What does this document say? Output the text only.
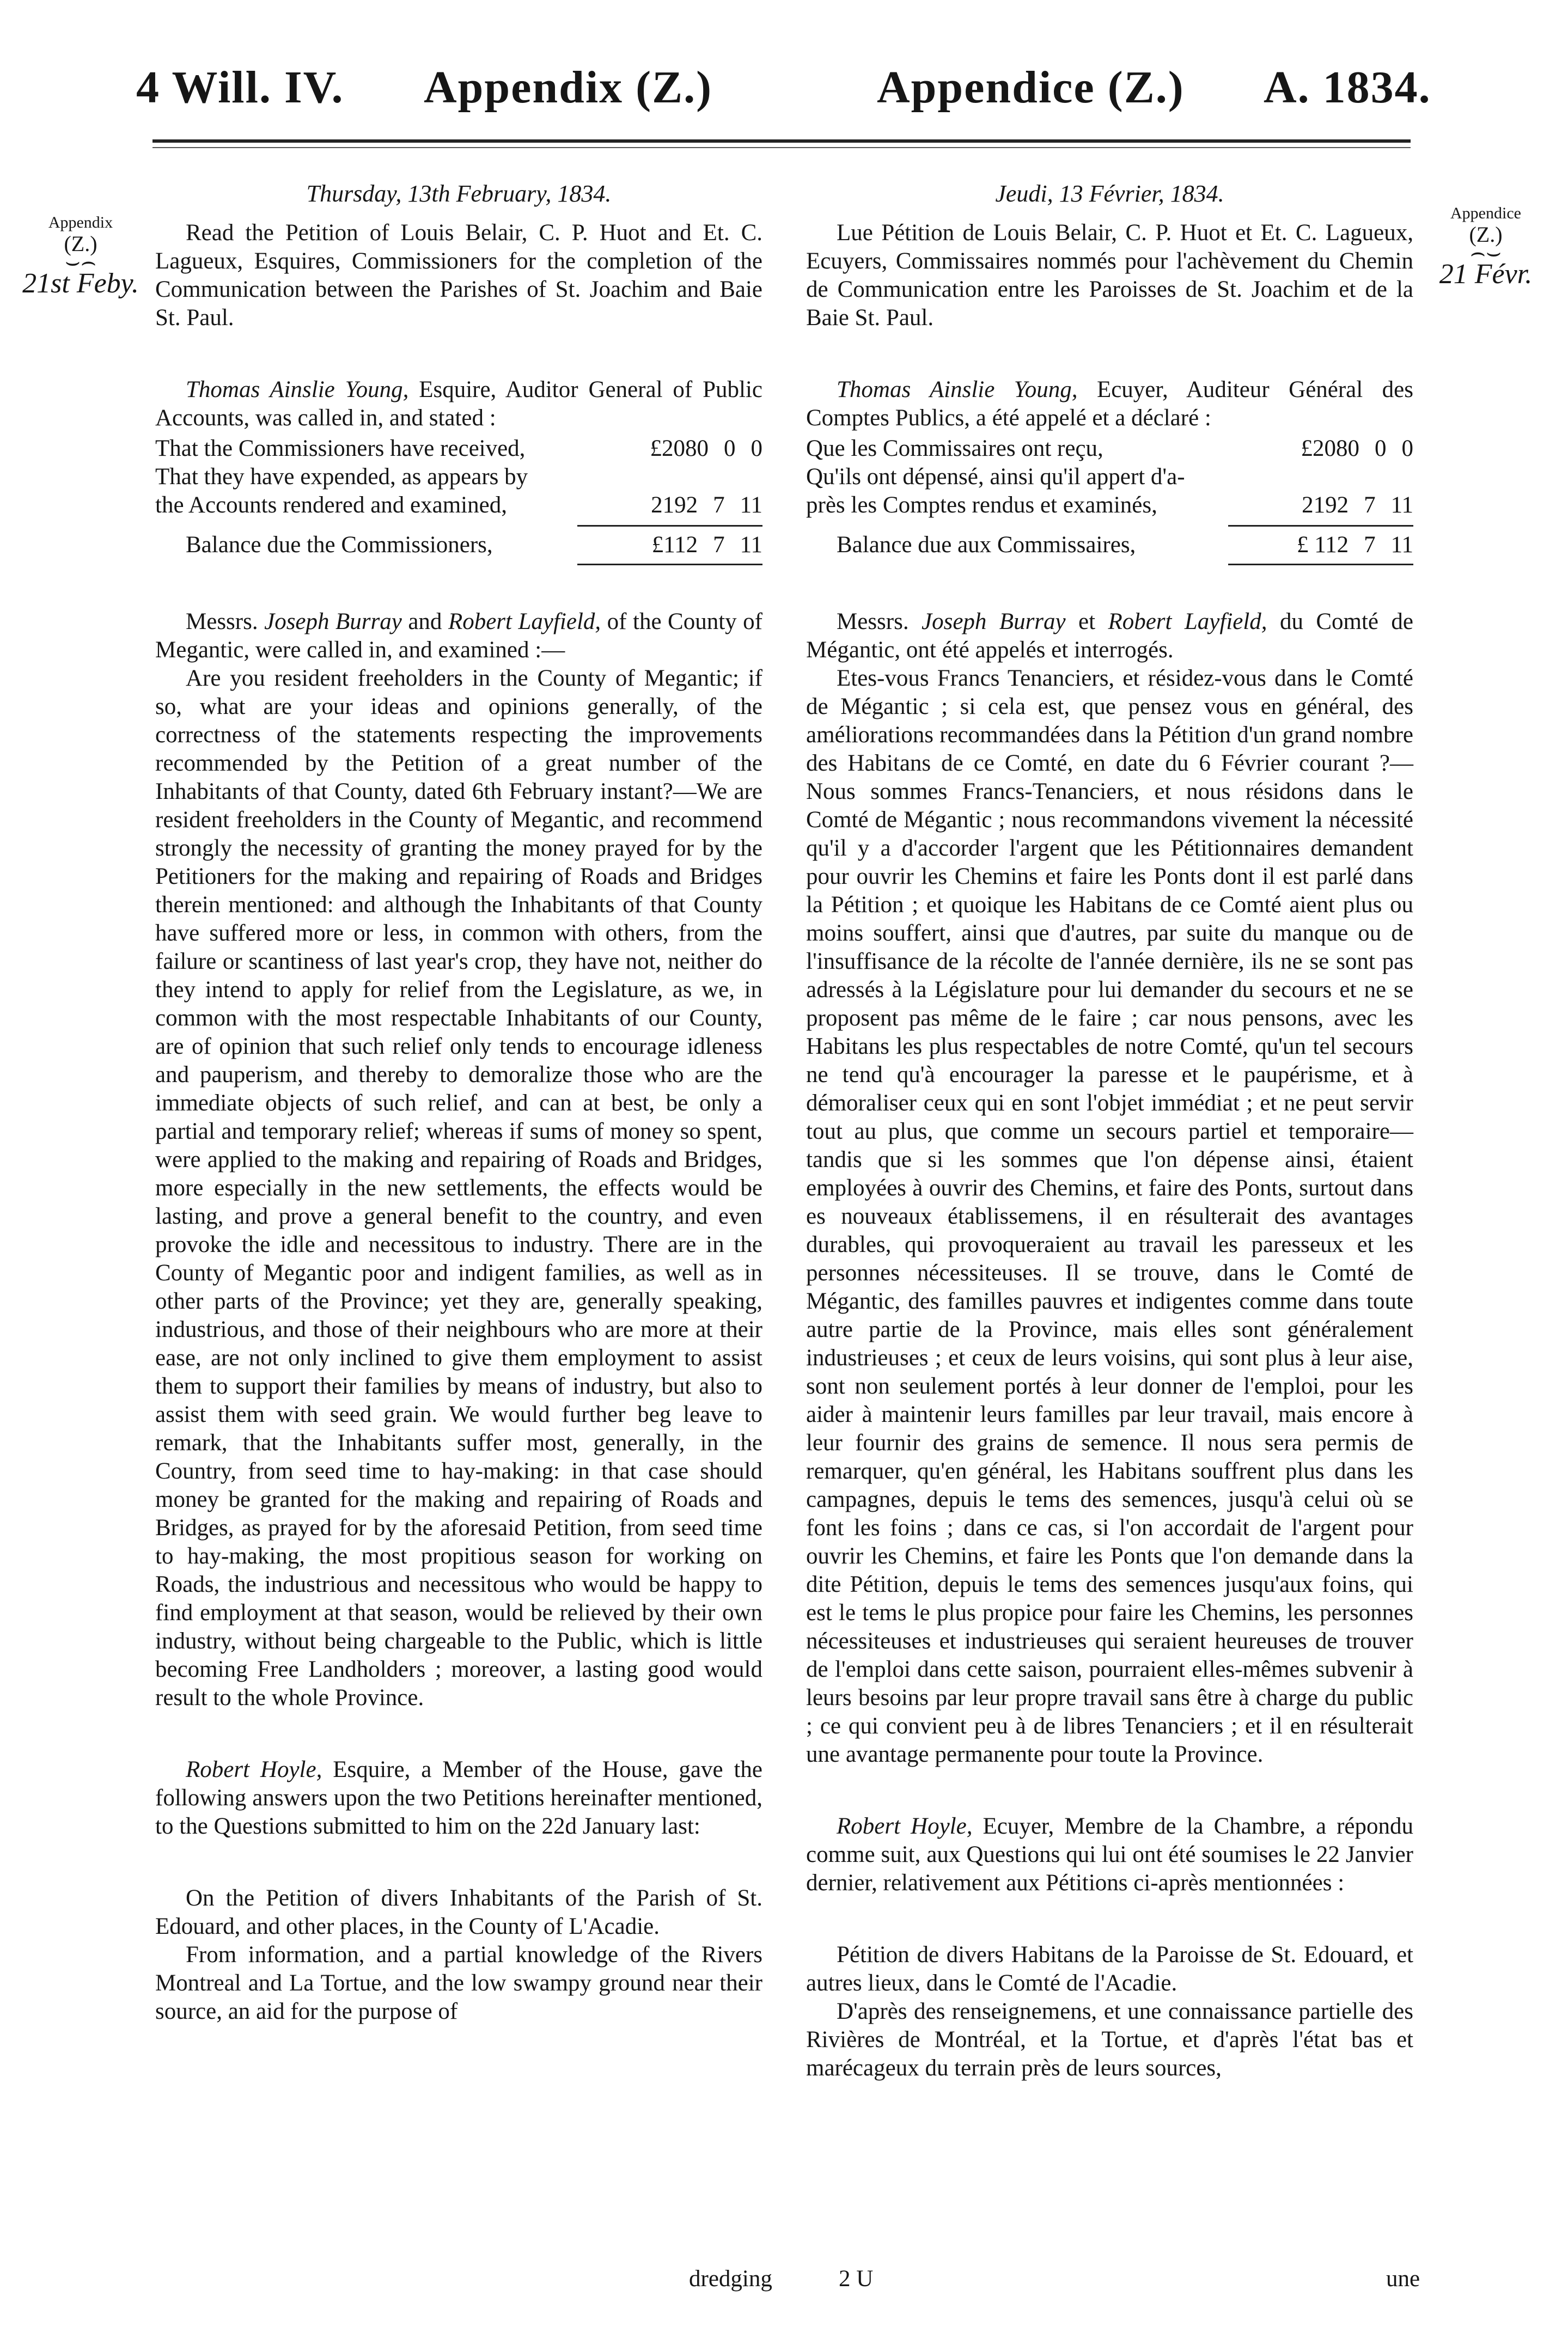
4 Will. IV. Appendix (Z.)	Appendice (Z.) A. 1834.
Appendix
(Z.)
⌣⌢
21st Feby.
Appendice
(Z.)
⌢⌣
21 Févr.
Thursday, 13th February, 1834.

Read the Petition of Louis Belair, C. P. Huot and Et. C. Lagueux, Esquires, Commissioners for the completion of the Communication between the Parishes of St. Joachim and Baie St. Paul.

Thomas Ainslie Young, Esquire, Auditor General of Public Accounts, was called in, and stated :

That the Commissioners have received,	£2080 0 0
That they have expended, as appears by
the Accounts rendered and examined,	2192 7 11
Balance due the Commissioners,	£112 7 11

Messrs. Joseph Burray and Robert Layfield, of the County of Megantic, were called in, and examined :—

Are you resident freeholders in the County of Megantic; if so, what are your ideas and opinions generally, of the correctness of the statements respecting the improvements recommended by the Petition of a great number of the Inhabitants of that County, dated 6th February instant?—We are resident freeholders in the County of Megantic, and recommend strongly the necessity of granting the money prayed for by the Petitioners for the making and repairing of Roads and Bridges therein mentioned: and although the Inhabitants of that County have suffered more or less, in common with others, from the failure or scantiness of last year's crop, they have not, neither do they intend to apply for relief from the Legislature, as we, in common with the most respectable Inhabitants of our County, are of opinion that such relief only tends to encourage idleness and pauperism, and thereby to demoralize those who are the immediate objects of such relief, and can at best, be only a partial and temporary relief; whereas if sums of money so spent, were applied to the making and repairing of Roads and Bridges, more especially in the new settlements, the effects would be lasting, and prove a general benefit to the country, and even provoke the idle and necessitous to industry. There are in the County of Megantic poor and indigent families, as well as in other parts of the Province; yet they are, generally speaking, industrious, and those of their neighbours who are more at their ease, are not only inclined to give them employment to assist them to support their families by means of industry, but also to assist them with seed grain. We would further beg leave to remark, that the Inhabitants suffer most, generally, in the Country, from seed time to hay-making: in that case should money be granted for the making and repairing of Roads and Bridges, as prayed for by the aforesaid Petition, from seed time to hay-making, the most propitious season for working on Roads, the industrious and necessitous who would be happy to find employment at that season, would be relieved by their own industry, without being chargeable to the Public, which is little becoming Free Landholders ; moreover, a lasting good would result to the whole Province.

Robert Hoyle, Esquire, a Member of the House, gave the following answers upon the two Petitions hereinafter mentioned, to the Questions submitted to him on the 22d January last:

On the Petition of divers Inhabitants of the Parish of St. Edouard, and other places, in the County of L'Acadie.

From information, and a partial knowledge of the Rivers Montreal and La Tortue, and the low swampy ground near their source, an aid for the purpose of

dredging
Jeudi, 13 Février, 1834.

Lue Pétition de Louis Belair, C. P. Huot et Et. C. Lagueux, Ecuyers, Commissaires nommés pour l'achèvement du Chemin de Communication entre les Paroisses de St. Joachim et de la Baie St. Paul.

Thomas Ainslie Young, Ecuyer, Auditeur Général des Comptes Publics, a été appelé et a déclaré :

Que les Commissaires ont reçu,	£2080 0 0
Qu'ils ont dépensé, ainsi qu'il appert d'a-
près les Comptes rendus et examinés,	2192 7 11
Balance due aux Commissaires,	£ 112 7 11

Messrs. Joseph Burray et Robert Layfield, du Comté de Mégantic, ont été appelés et interrogés.

Etes-vous Francs Tenanciers, et résidez-vous dans le Comté de Mégantic ; si cela est, que pensez vous en général, des améliorations recommandées dans la Pétition d'un grand nombre des Habitans de ce Comté, en date du 6 Février courant ?—Nous sommes Francs-Tenanciers, et nous résidons dans le Comté de Mégantic ; nous recommandons vivement la nécessité qu'il y a d'accorder l'argent que les Pétitionnaires demandent pour ouvrir les Chemins et faire les Ponts dont il est parlé dans la Pétition ; et quoique les Habitans de ce Comté aient plus ou moins souffert, ainsi que d'autres, par suite du manque ou de l'insuffisance de la récolte de l'année dernière, ils ne se sont pas adressés à la Législature pour lui demander du secours et ne se proposent pas même de le faire ; car nous pensons, avec les Habitans les plus respectables de notre Comté, qu'un tel secours ne tend qu'à encourager la paresse et le paupérisme, et à démoraliser ceux qui en sont l'objet immédiat ; et ne peut servir tout au plus, que comme un secours partiel et temporaire—tandis que si les sommes que l'on dépense ainsi, étaient employées à ouvrir des Chemins, et faire des Ponts, surtout dans es nouveaux établissemens, il en résulterait des avantages durables, qui provoqueraient au travail les paresseux et les personnes nécessiteuses. Il se trouve, dans le Comté de Mégantic, des familles pauvres et indigentes comme dans toute autre partie de la Province, mais elles sont généralement industrieuses ; et ceux de leurs voisins, qui sont plus à leur aise, sont non seulement portés à leur donner de l'emploi, pour les aider à maintenir leurs familles par leur travail, mais encore à leur fournir des grains de semence. Il nous sera permis de remarquer, qu'en général, les Habitans souffrent plus dans les campagnes, depuis le tems des semences, jusqu'à celui où se font les foins ; dans ce cas, si l'on accordait de l'argent pour ouvrir les Chemins, et faire les Ponts que l'on demande dans la dite Pétition, depuis le tems des semences jusqu'aux foins, qui est le tems le plus propice pour faire les Chemins, les personnes nécessiteuses et industrieuses qui seraient heureuses de trouver de l'emploi dans cette saison, pourraient elles-mêmes subvenir à leurs besoins par leur propre travail sans être à charge du public ; ce qui convient peu à de libres Tenanciers ; et il en résulterait une avantage permanente pour toute la Province.

Robert Hoyle, Ecuyer, Membre de la Chambre, a répondu comme suit, aux Questions qui lui ont été soumises le 22 Janvier dernier, relativement aux Pétitions ci-après mentionnées :

Pétition de divers Habitans de la Paroisse de St. Edouard, et autres lieux, dans le Comté de l'Acadie.

D'après des renseignemens, et une connaissance partielle des Rivières de Montréal, et la Tortue, et d'après l'état bas et marécageux du terrain près de leurs sources,

2 U	une
